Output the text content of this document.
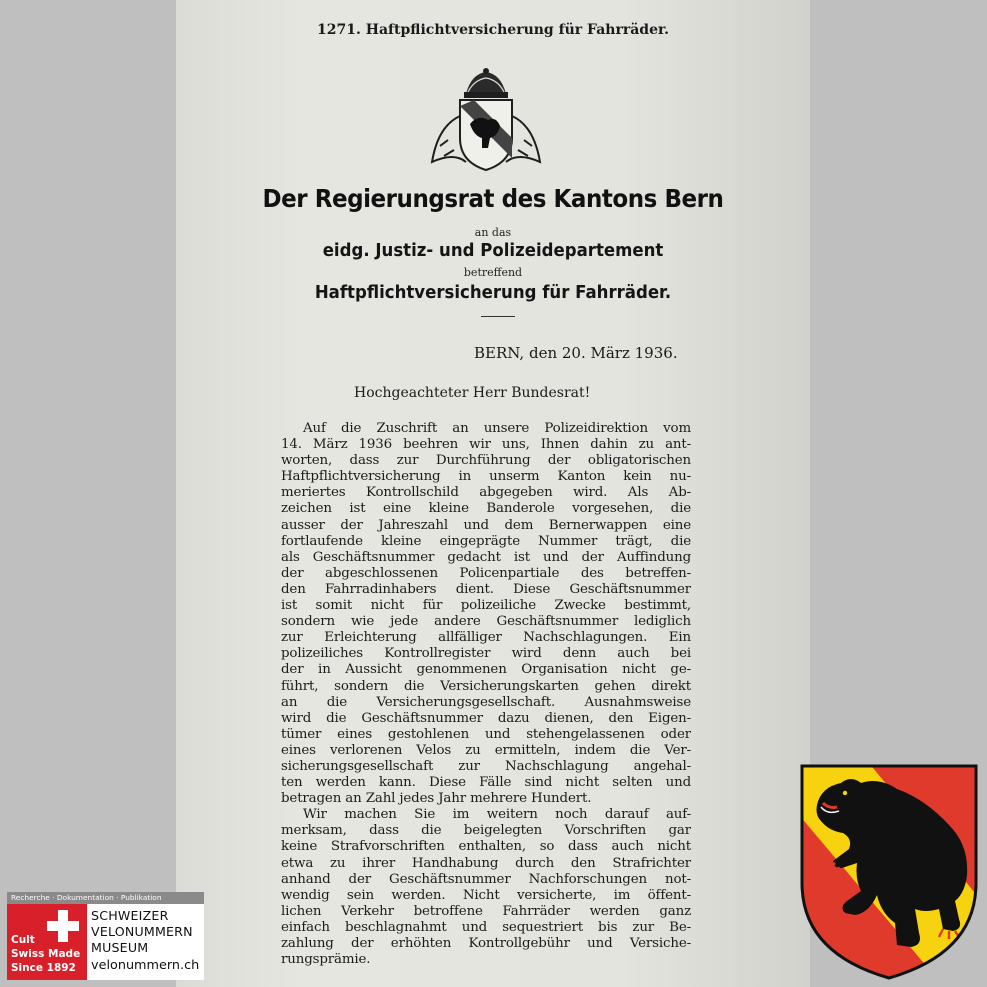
1271. Haftpflichtversicherung für Fahrräder.
Der Regierungsrat des Kantons Bern
an das
eidg. Justiz- und Polizeidepartement
betreffend
Haftpflichtversicherung für Fahrräder.
BERN, den 20. März 1936.
Hochgeachteter Herr Bundesrat!
Auf die Zuschrift an unsere Polizeidirektion vom
14. März 1936 beehren wir uns, Ihnen dahin zu ant-
worten, dass zur Durchführung der obligatorischen
Haftpflichtversicherung in unserm Kanton kein nu-
meriertes Kontrollschild abgegeben wird. Als Ab-
zeichen ist eine kleine Banderole vorgesehen, die
ausser der Jahreszahl und dem Bernerwappen eine
fortlaufende kleine eingeprägte Nummer trägt, die
als Geschäftsnummer gedacht ist und der Auffindung
der abgeschlossenen Policenpartiale des betreffen-
den Fahrradinhabers dient. Diese Geschäftsnummer
ist somit nicht für polizeiliche Zwecke bestimmt,
sondern wie jede andere Geschäftsnummer lediglich
zur Erleichterung allfälliger Nachschlagungen. Ein
polizeiliches Kontrollregister wird denn auch bei
der in Aussicht genommenen Organisation nicht ge-
führt, sondern die Versicherungskarten gehen direkt
an die Versicherungsgesellschaft. Ausnahmsweise
wird die Geschäftsnummer dazu dienen, den Eigen-
tümer eines gestohlenen und stehengelassenen oder
eines verlorenen Velos zu ermitteln, indem die Ver-
sicherungsgesellschaft zur Nachschlagung angehal-
ten werden kann. Diese Fälle sind nicht selten und
betragen an Zahl jedes Jahr mehrere Hundert.
Wir machen Sie im weitern noch darauf auf-
merksam, dass die beigelegten Vorschriften gar
keine Strafvorschriften enthalten, so dass auch nicht
etwa zu ihrer Handhabung durch den Strafrichter
anhand der Geschäftsnummer Nachforschungen not-
wendig sein werden. Nicht versicherte, im öffent-
lichen Verkehr betroffene Fahrräder werden ganz
einfach beschlagnahmt und sequestriert bis zur Be-
zahlung der erhöhten Kontrollgebühr und Versiche-
rungsprämie.
Recherche · Dokumentation · Publikation
Cult
Swiss Made
Since 1892
SCHWEIZER
VELONUMMERN
MUSEUM
velonummern.ch
